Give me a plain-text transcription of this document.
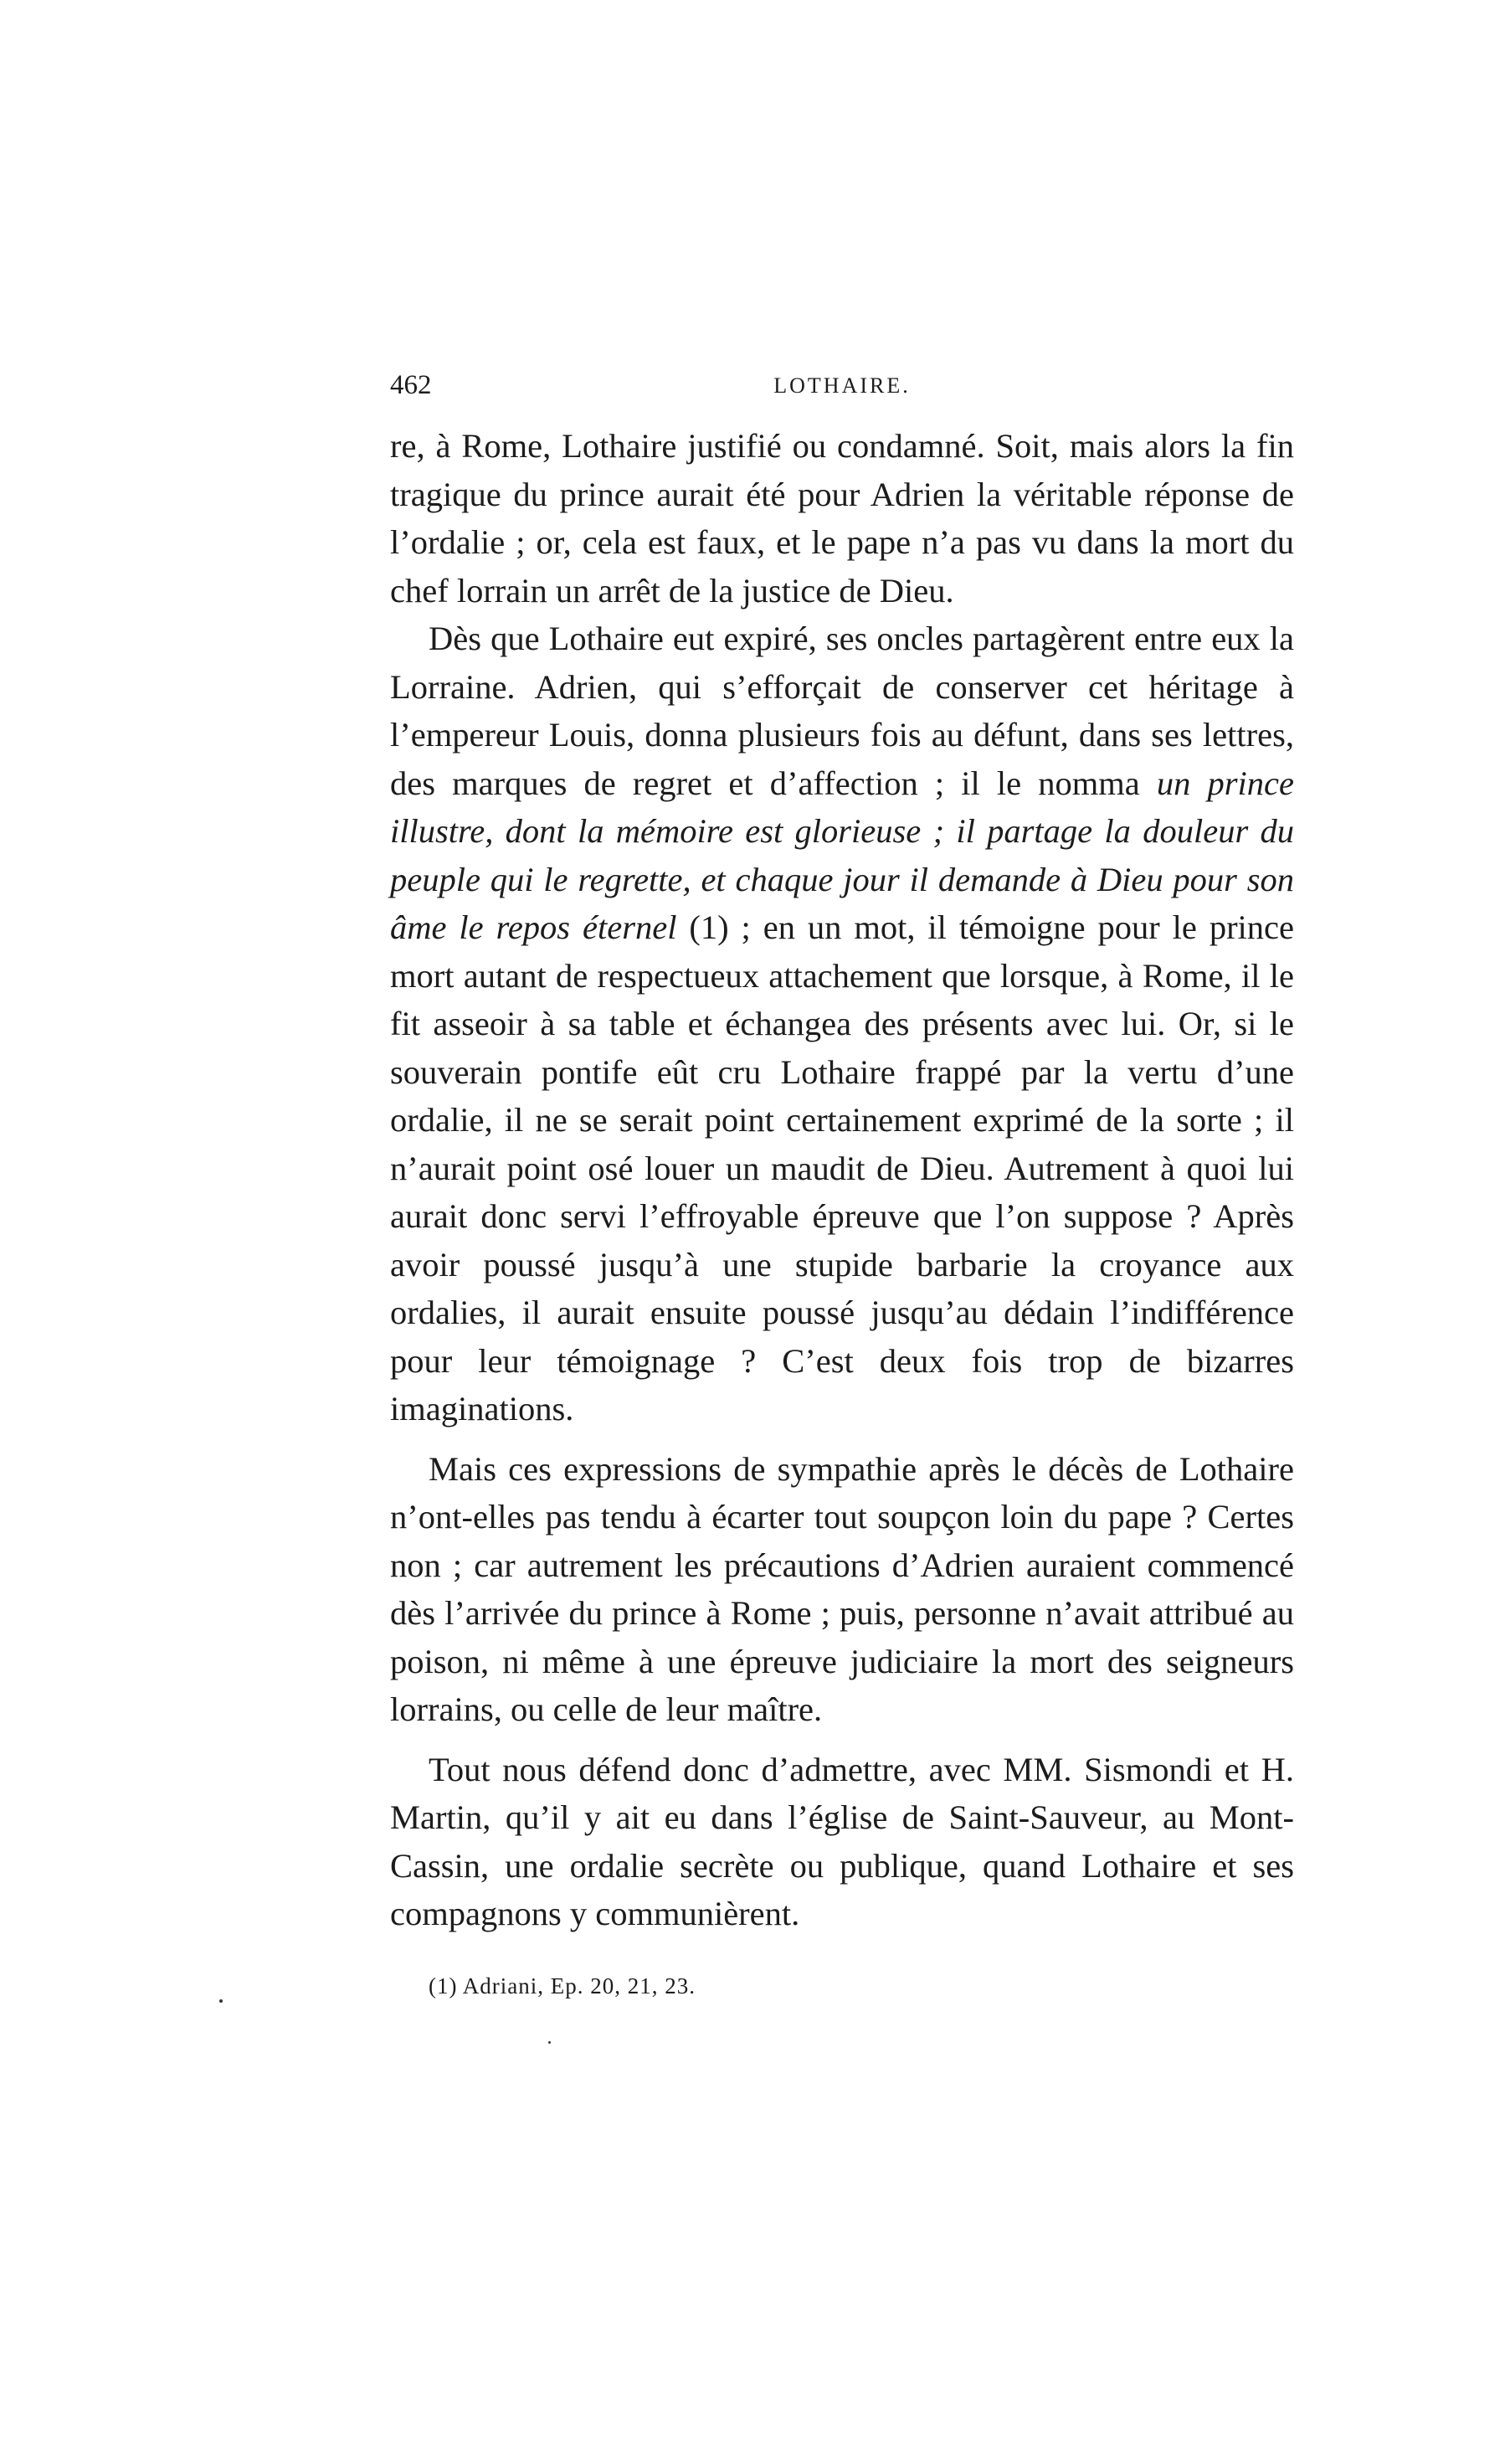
462	LOTHAIRE.

re, à Rome, Lothaire justifié ou condamné. Soit, mais alors la fin tragique du prince aurait été pour Adrien la véritable réponse de l’ordalie ; or, cela est faux, et le pape n’a pas vu dans la mort du chef lorrain un arrêt de la justice de Dieu.

Dès que Lothaire eut expiré, ses oncles partagèrent entre eux la Lorraine. Adrien, qui s’efforçait de conserver cet héritage à l’empereur Louis, donna plusieurs fois au défunt, dans ses lettres, des marques de regret et d’affection ; il le nomma un prince illustre, dont la mémoire est glorieuse ; il partage la douleur du peuple qui le regrette, et chaque jour il demande à Dieu pour son âme le repos éternel (1) ; en un mot, il témoigne pour le prince mort autant de respectueux attachement que lorsque, à Rome, il le fit asseoir à sa table et échangea des présents avec lui. Or, si le souverain pontife eût cru Lothaire frappé par la vertu d’une ordalie, il ne se serait point certainement exprimé de la sorte ; il n’aurait point osé louer un maudit de Dieu. Autrement à quoi lui aurait donc servi l’effroyable épreuve que l’on suppose ? Après avoir poussé jusqu’à une stupide barbarie la croyance aux ordalies, il aurait ensuite poussé jusqu’au dédain l’indifférence pour leur témoignage ? C’est deux fois trop de bizarres imaginations.

Mais ces expressions de sympathie après le décès de Lothaire n’ont-elles pas tendu à écarter tout soupçon loin du pape ? Certes non ; car autrement les précautions d’Adrien auraient commencé dès l’arrivée du prince à Rome ; puis, personne n’avait attribué au poison, ni même à une épreuve judiciaire la mort des seigneurs lorrains, ou celle de leur maître.

Tout nous défend donc d’admettre, avec MM. Sismondi et H. Martin, qu’il y ait eu dans l’église de Saint-Sauveur, au Mont-Cassin, une ordalie secrète ou publique, quand Lothaire et ses compagnons y communièrent.

(1) Adriani, Ep. 20, 21, 23.
